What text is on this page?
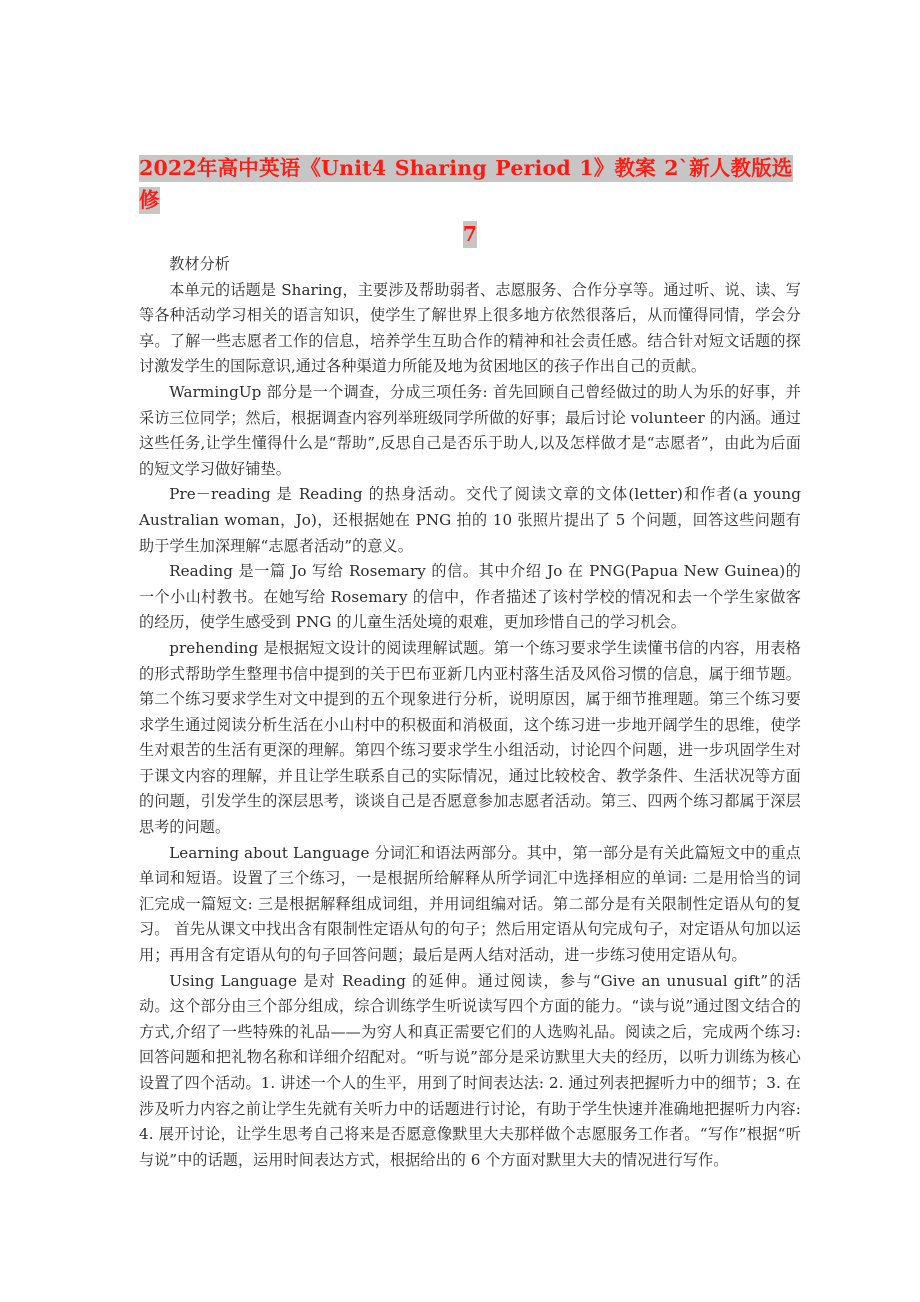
2022年高中英语《Unit4 Sharing Period 1》教案 2`新人教版选修
7

教材分析

本单元的话题是 Sharing，主要涉及帮助弱者、志愿服务、合作分享等。通过听、说、读、写等各种活动学习相关的语言知识，使学生了解世界上很多地方依然很落后，从而懂得同情，学会分享。了解一些志愿者工作的信息，培养学生互助合作的精神和社会责任感。结合针对短文话题的探讨激发学生的国际意识,通过各种渠道力所能及地为贫困地区的孩子作出自己的贡献。

WarmingUp 部分是一个调查，分成三项任务: 首先回顾自己曾经做过的助人为乐的好事，并采访三位同学；然后，根据调查内容列举班级同学所做的好事；最后讨论 volunteer 的内涵。通过这些任务,让学生懂得什么是“帮助”,反思自己是否乐于助人,以及怎样做才是“志愿者”，由此为后面的短文学习做好铺垫。

Pre－reading 是 Reading 的热身活动。交代了阅读文章的文体(letter)和作者(a young Australian woman，Jo)，还根据她在 PNG 拍的 10 张照片提出了 5 个问题，回答这些问题有助于学生加深理解“志愿者活动”的意义。

Reading 是一篇 Jo 写给 Rosemary 的信。其中介绍 Jo 在 PNG(Papua New Guinea)的一个小山村教书。在她写给 Rosemary 的信中，作者描述了该村学校的情况和去一个学生家做客的经历，使学生感受到 PNG 的儿童生活处境的艰难，更加珍惜自己的学习机会。

prehending 是根据短文设计的阅读理解试题。第一个练习要求学生读懂书信的内容，用表格的形式帮助学生整理书信中提到的关于巴布亚新几内亚村落生活及风俗习惯的信息，属于细节题。第二个练习要求学生对文中提到的五个现象进行分析，说明原因，属于细节推理题。第三个练习要求学生通过阅读分析生活在小山村中的积极面和消极面，这个练习进一步地开阔学生的思维，使学生对艰苦的生活有更深的理解。第四个练习要求学生小组活动，讨论四个问题，进一步巩固学生对于课文内容的理解，并且让学生联系自己的实际情况，通过比较校舍、教学条件、生活状况等方面的问题，引发学生的深层思考，谈谈自己是否愿意参加志愿者活动。第三、四两个练习都属于深层思考的问题。

Learning about Language 分词汇和语法两部分。其中，第一部分是有关此篇短文中的重点单词和短语。设置了三个练习，一是根据所给解释从所学词汇中选择相应的单词: 二是用恰当的词汇完成一篇短文: 三是根据解释组成词组，并用词组编对话。第二部分是有关限制性定语从句的复习。 首先从课文中找出含有限制性定语从句的句子；然后用定语从句完成句子，对定语从句加以运用；再用含有定语从句的句子回答问题；最后是两人结对活动，进一步练习使用定语从句。

Using Language 是对 Reading 的延伸。通过阅读，参与“Give an unusual gift”的活动。这个部分由三个部分组成，综合训练学生听说读写四个方面的能力。“读与说”通过图文结合的方式,介绍了一些特殊的礼品——为穷人和真正需要它们的人选购礼品。阅读之后，完成两个练习: 回答问题和把礼物名称和详细介绍配对。“听与说”部分是采访默里大夫的经历，以听力训练为核心设置了四个活动。1. 讲述一个人的生平，用到了时间表达法: 2. 通过列表把握听力中的细节；3. 在涉及听力内容之前让学生先就有关听力中的话题进行讨论，有助于学生快速并准确地把握听力内容: 4. 展开讨论，让学生思考自己将来是否愿意像默里大夫那样做个志愿服务工作者。“写作”根据“听与说”中的话题，运用时间表达方式，根据给出的 6 个方面对默里大夫的情况进行写作。
